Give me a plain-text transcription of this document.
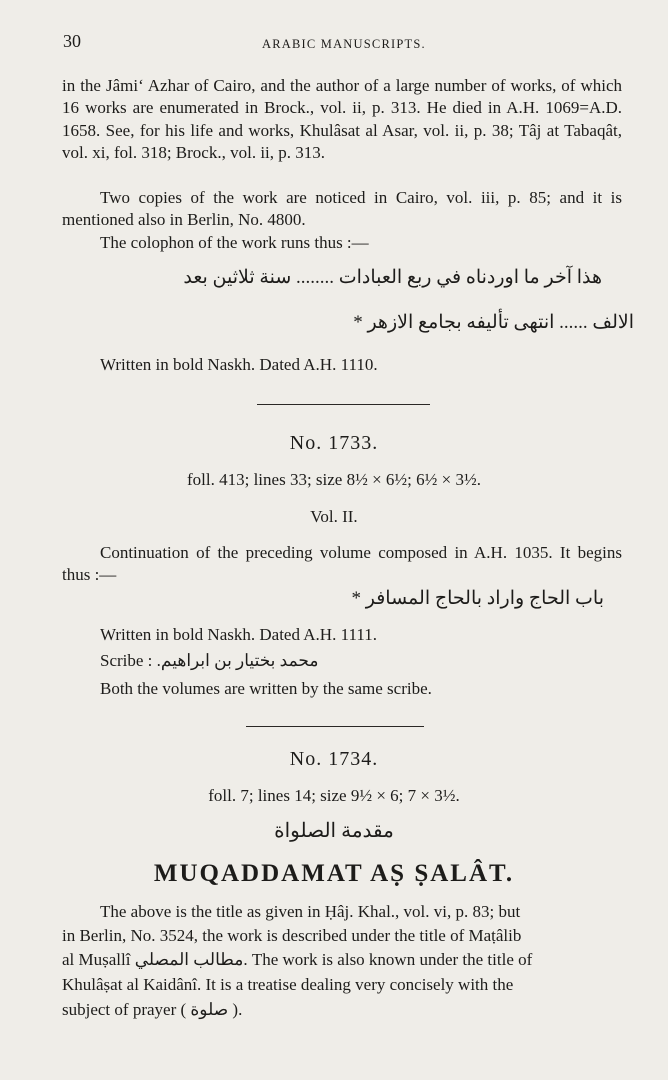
30	ARABIC MANUSCRIPTS.
in the Jâmi‘ Azhar of Cairo, and the author of a large number of works, of which 16 works are enumerated in Brock., vol. ii, p. 313. He died in A.H. 1069=A.D. 1658. See, for his life and works, Khulâsat al Asar, vol. ii, p. 38; Tâj at Tabaqât, vol. xi, fol. 318; Brock., vol. ii, p. 313.
Two copies of the work are noticed in Cairo, vol. iii, p. 85; and it is mentioned also in Berlin, No. 4800.
The colophon of the work runs thus :—
هذا آخر ما اوردناه في ربع العبادات ........ سنة ثلاثين بعد
الالف ...... انتهى تأليفه بجامع الازهر *
Written in bold Naskh. Dated A.H. 1110.
No. 1733.
foll. 413; lines 33; size 8½ × 6½; 6½ × 3½.
Vol. II.
Continuation of the preceding volume composed in A.H. 1035. It begins thus :—
باب الحاج واراد بالحاج المسافر *
Written in bold Naskh. Dated A.H. 1111.
Scribe : محمد بختيار بن ابراهيم.
Both the volumes are written by the same scribe.
No. 1734.
foll. 7; lines 14; size 9½ × 6; 7 × 3½.
مقدمة الصلواة
MUQADDAMAT AṢ ṢALÂT.
The above is the title as given in Ḥâj. Khal., vol. vi, p. 83; but
in Berlin, No. 3524, the work is described under the title of Maṭâlib
al Muṣallî مطالب المصلي. The work is also known under the title of
Khulâṣat al Kaidânî. It is a treatise dealing very concisely with the
subject of prayer ( صلوة ).
